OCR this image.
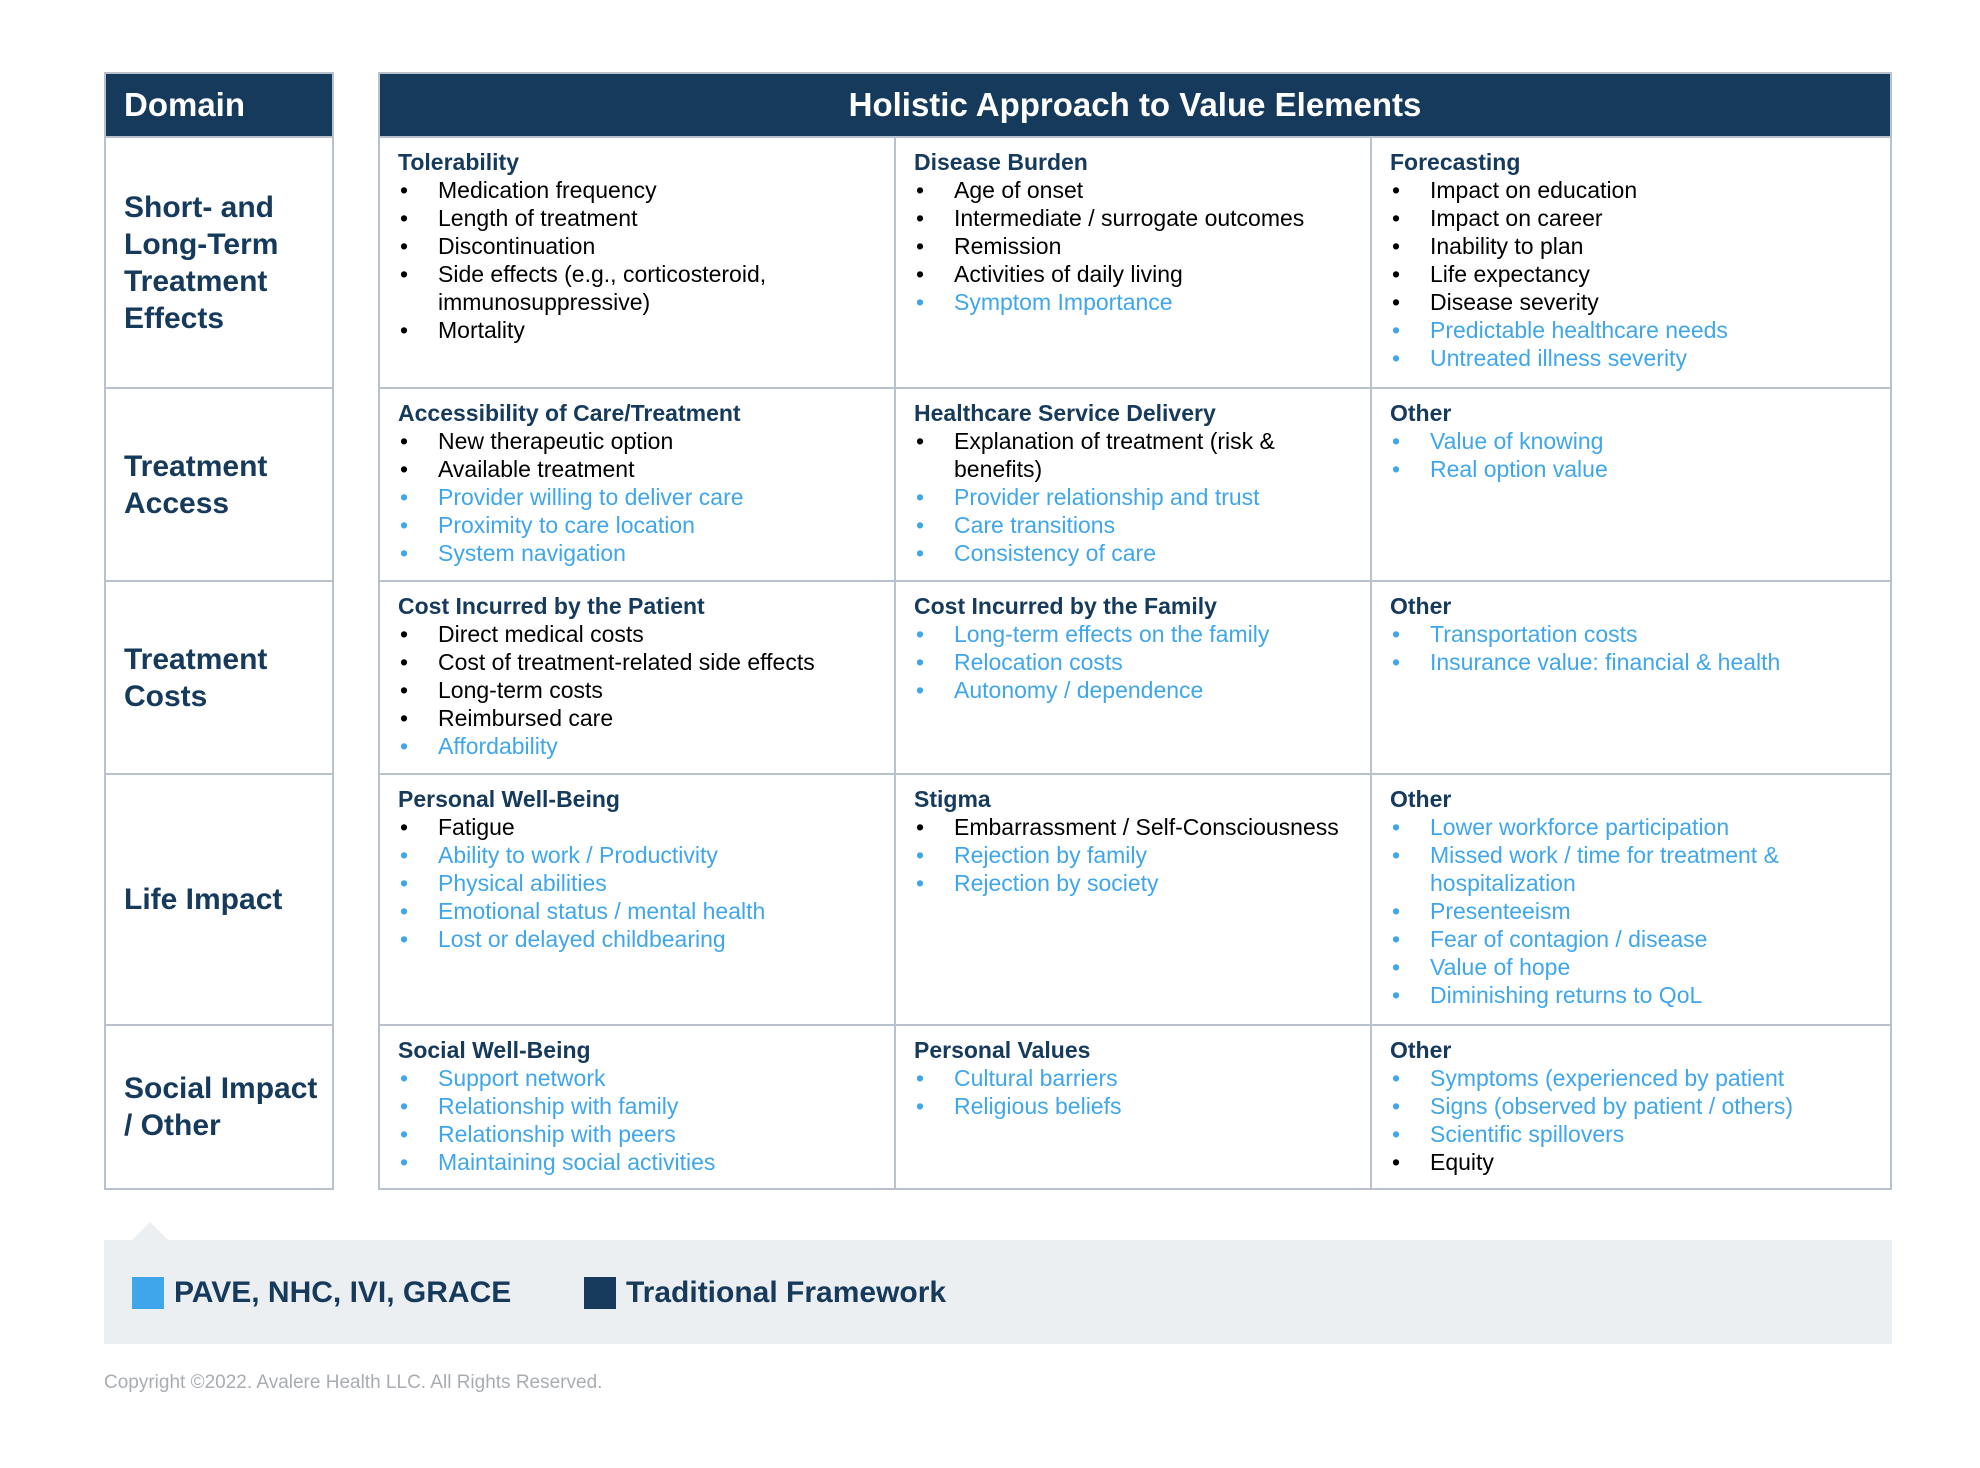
Domain
Short- and Long-Term Treatment Effects
Treatment Access
Treatment Costs
Life Impact
Social Impact / Other
Holistic Approach to Value Elements
Tolerability
• Medication frequency
• Length of treatment
• Discontinuation
• Side effects (e.g., corticosteroid, immunosuppressive)
• Mortality
Disease Burden
• Age of onset
• Intermediate / surrogate outcomes
• Remission
• Activities of daily living
• Symptom Importance
Forecasting
• Impact on education
• Impact on career
• Inability to plan
• Life expectancy
• Disease severity
• Predictable healthcare needs
• Untreated illness severity
Accessibility of Care/Treatment
• New therapeutic option
• Available treatment
• Provider willing to deliver care
• Proximity to care location
• System navigation
Healthcare Service Delivery
• Explanation of treatment (risk & benefits)
• Provider relationship and trust
• Care transitions
• Consistency of care
Other
• Value of knowing
• Real option value
Cost Incurred by the Patient
• Direct medical costs
• Cost of treatment-related side effects
• Long-term costs
• Reimbursed care
• Affordability
Cost Incurred by the Family
• Long-term effects on the family
• Relocation costs
• Autonomy / dependence
Other
• Transportation costs
• Insurance value: financial & health
Personal Well-Being
• Fatigue
• Ability to work / Productivity
• Physical abilities
• Emotional status / mental health
• Lost or delayed childbearing
Stigma
• Embarrassment / Self-Consciousness
• Rejection by family
• Rejection by society
Other
• Lower workforce participation
• Missed work / time for treatment & hospitalization
• Presenteeism
• Fear of contagion / disease
• Value of hope
• Diminishing returns to QoL
Social Well-Being
• Support network
• Relationship with family
• Relationship with peers
• Maintaining social activities
Personal Values
• Cultural barriers
• Religious beliefs
Other
• Symptoms (experienced by patient
• Signs (observed by patient / others)
• Scientific spillovers
• Equity
PAVE, NHC, IVI, GRACE	Traditional Framework
Copyright ©2022. Avalere Health LLC. All Rights Reserved.
